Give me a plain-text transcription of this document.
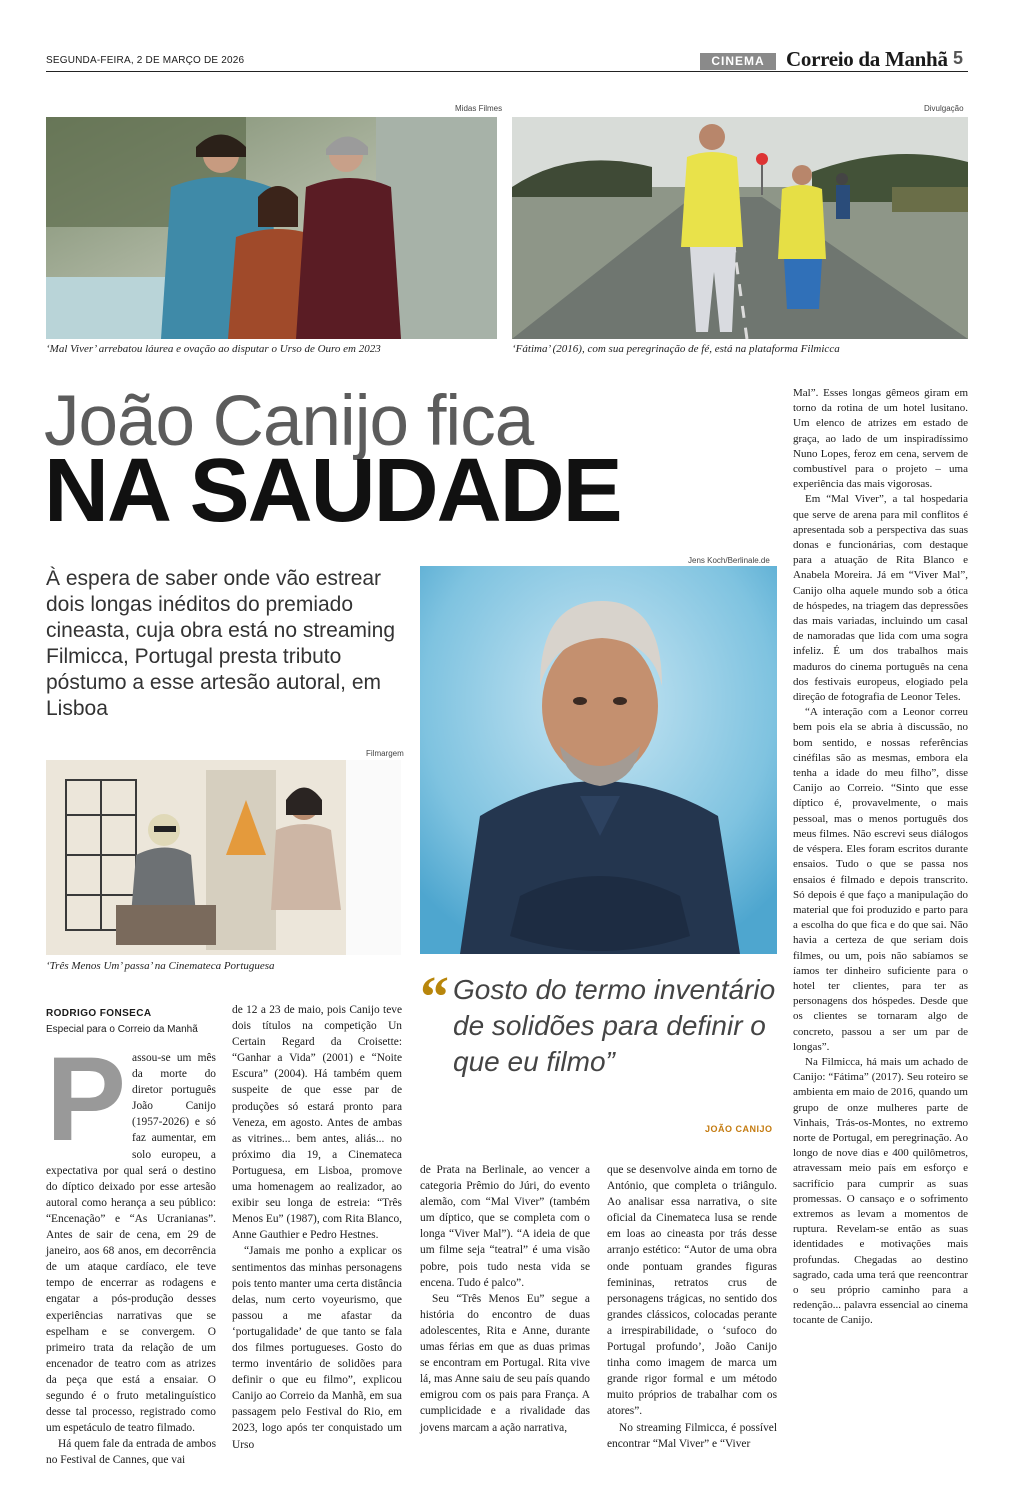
SEGUNDA-FEIRA, 2 DE MARÇO DE 2026	CINEMA	Correio da Manhã 5
Midas Filmes
‘Mal Viver’ arrebatou láurea e ovação ao disputar o Urso de Ouro em 2023
Divulgação
‘Fátima’ (2016), com sua peregrinação de fé, está na plataforma Filmicca
João Canijo fica
NA SAUDADE
À espera de saber onde vão estrear dois longas inéditos do premiado cineasta, cuja obra está no streaming Filmicca, Portugal presta tributo póstumo a esse artesão autoral, em Lisboa
Jens Koch/Berlinale.de
Filmargem
‘Três Menos Um’ passa’ na Cinemateca Portuguesa
RODRIGO FONSECA
Especial para o Correio da Manhã
“ Gosto do termo inventário de solidões para definir o que eu filmo”
JOÃO CANIJO
P assou-se um mês da morte do diretor português João Canijo (1957-2026) e só faz aumentar, em solo europeu, a expectativa por qual será o destino do díptico deixado por esse artesão autoral como herança a seu público: “Encenação” e “As Ucranianas”. Antes de sair de cena, em 29 de janeiro, aos 68 anos, em decorrência de um ataque cardíaco, ele teve tempo de encerrar as rodagens e engatar a pós-produção desses experiências narrativas que se espelham e se convergem. O primeiro trata da relação de um encenador de teatro com as atrizes da peça que está a ensaiar. O segundo é o fruto metalinguístico desse tal processo, registrado como um espetáculo de teatro filmado.

Há quem fale da entrada de ambos no Festival de Cannes, que vai

de 12 a 23 de maio, pois Canijo teve dois títulos na competição Un Certain Regard da Croisette: “Ganhar a Vida” (2001) e “Noite Escura” (2004). Há também quem suspeite de que esse par de produções só estará pronto para Veneza, em agosto. Antes de ambas as vitrines... bem antes, aliás... no próximo dia 19, a Cinemateca Portuguesa, em Lisboa, promove uma homenagem ao realizador, ao exibir seu longa de estreia: “Três Menos Eu” (1987), com Rita Blanco, Anne Gauthier e Pedro Hestnes.

“Jamais me ponho a explicar os sentimentos das minhas personagens pois tento manter uma certa distância delas, num certo voyeurismo, que passou a me afastar da ‘portugalidade’ de que tanto se fala dos filmes portugueses. Gosto do termo inventário de solidões para definir o que eu filmo”, explicou Canijo ao Correio da Manhã, em sua passagem pelo Festival do Rio, em 2023, logo após ter conquistado um Urso

de Prata na Berlinale, ao vencer a categoria Prêmio do Júri, do evento alemão, com “Mal Viver” (também um díptico, que se completa com o longa “Viver Mal”). “A ideia de que um filme seja “teatral” é uma visão pobre, pois tudo nesta vida se encena. Tudo é palco”.

Seu “Três Menos Eu” segue a história do encontro de duas adolescentes, Rita e Anne, durante umas férias em que as duas primas se encontram em Portugal. Rita vive lá, mas Anne saiu de seu país quando emigrou com os pais para França. A cumplicidade e a rivalidade das jovens marcam a ação narrativa,

que se desenvolve ainda em torno de António, que completa o triângulo. Ao analisar essa narrativa, o site oficial da Cinemateca lusa se rende em loas ao cineasta por trás desse arranjo estético: “Autor de uma obra onde pontuam grandes figuras femininas, retratos crus de personagens trágicas, no sentido dos grandes clássicos, colocadas perante a irrespirabilidade, o ‘sufoco do Portugal profundo’, João Canijo tinha como imagem de marca um grande rigor formal e um método muito próprios de trabalhar com os atores”.

No streaming Filmicca, é possível encontrar “Mal Viver” e “Viver

Mal”. Esses longas gêmeos giram em torno da rotina de um hotel lusitano. Um elenco de atrizes em estado de graça, ao lado de um inspiradíssimo Nuno Lopes, feroz em cena, servem de combustível para o projeto – uma experiência das mais vigorosas.

Em “Mal Viver”, a tal hospedaria que serve de arena para mil conflitos é apresentada sob a perspectiva das suas donas e funcionárias, com destaque para a atuação de Rita Blanco e Anabela Moreira. Já em “Viver Mal”, Canijo olha aquele mundo sob a ótica de hóspedes, na triagem das depressões das mais variadas, incluindo um casal de namoradas que lida com uma sogra infeliz. É um dos trabalhos mais maduros do cinema português na cena dos festivais europeus, elogiado pela direção de fotografia de Leonor Teles.

“A interação com a Leonor correu bem pois ela se abria à discussão, no bom sentido, e nossas referências cinéfilas são as mesmas, embora ela tenha a idade do meu filho”, disse Canijo ao Correio. “Sinto que esse díptico é, provavelmente, o mais pessoal, mas o menos português dos meus filmes. Não escrevi seus diálogos de véspera. Eles foram escritos durante ensaios. Tudo o que se passa nos ensaios é filmado e depois transcrito. Só depois é que faço a manipulação do material que foi produzido e parto para a escolha do que fica e do que sai. Não havia a certeza de que seriam dois filmes, ou um, pois não sabíamos se íamos ter dinheiro suficiente para o hotel ter clientes, para ter as personagens dos hóspedes. Desde que os clientes se tornaram algo de concreto, passou a ser um par de longas”.

Na Filmicca, há mais um achado de Canijo: “Fátima” (2017). Seu roteiro se ambienta em maio de 2016, quando um grupo de onze mulheres parte de Vinhais, Trás-os-Montes, no extremo norte de Portugal, em peregrinação. Ao longo de nove dias e 400 quilômetros, atravessam meio país em esforço e sacrifício para cumprir as suas promessas. O cansaço e o sofrimento extremos as levam a momentos de ruptura. Revelam-se então as suas identidades e motivações mais profundas. Chegadas ao destino sagrado, cada uma terá que reencontrar o seu próprio caminho para a redenção... palavra essencial ao cinema tocante de Canijo.
